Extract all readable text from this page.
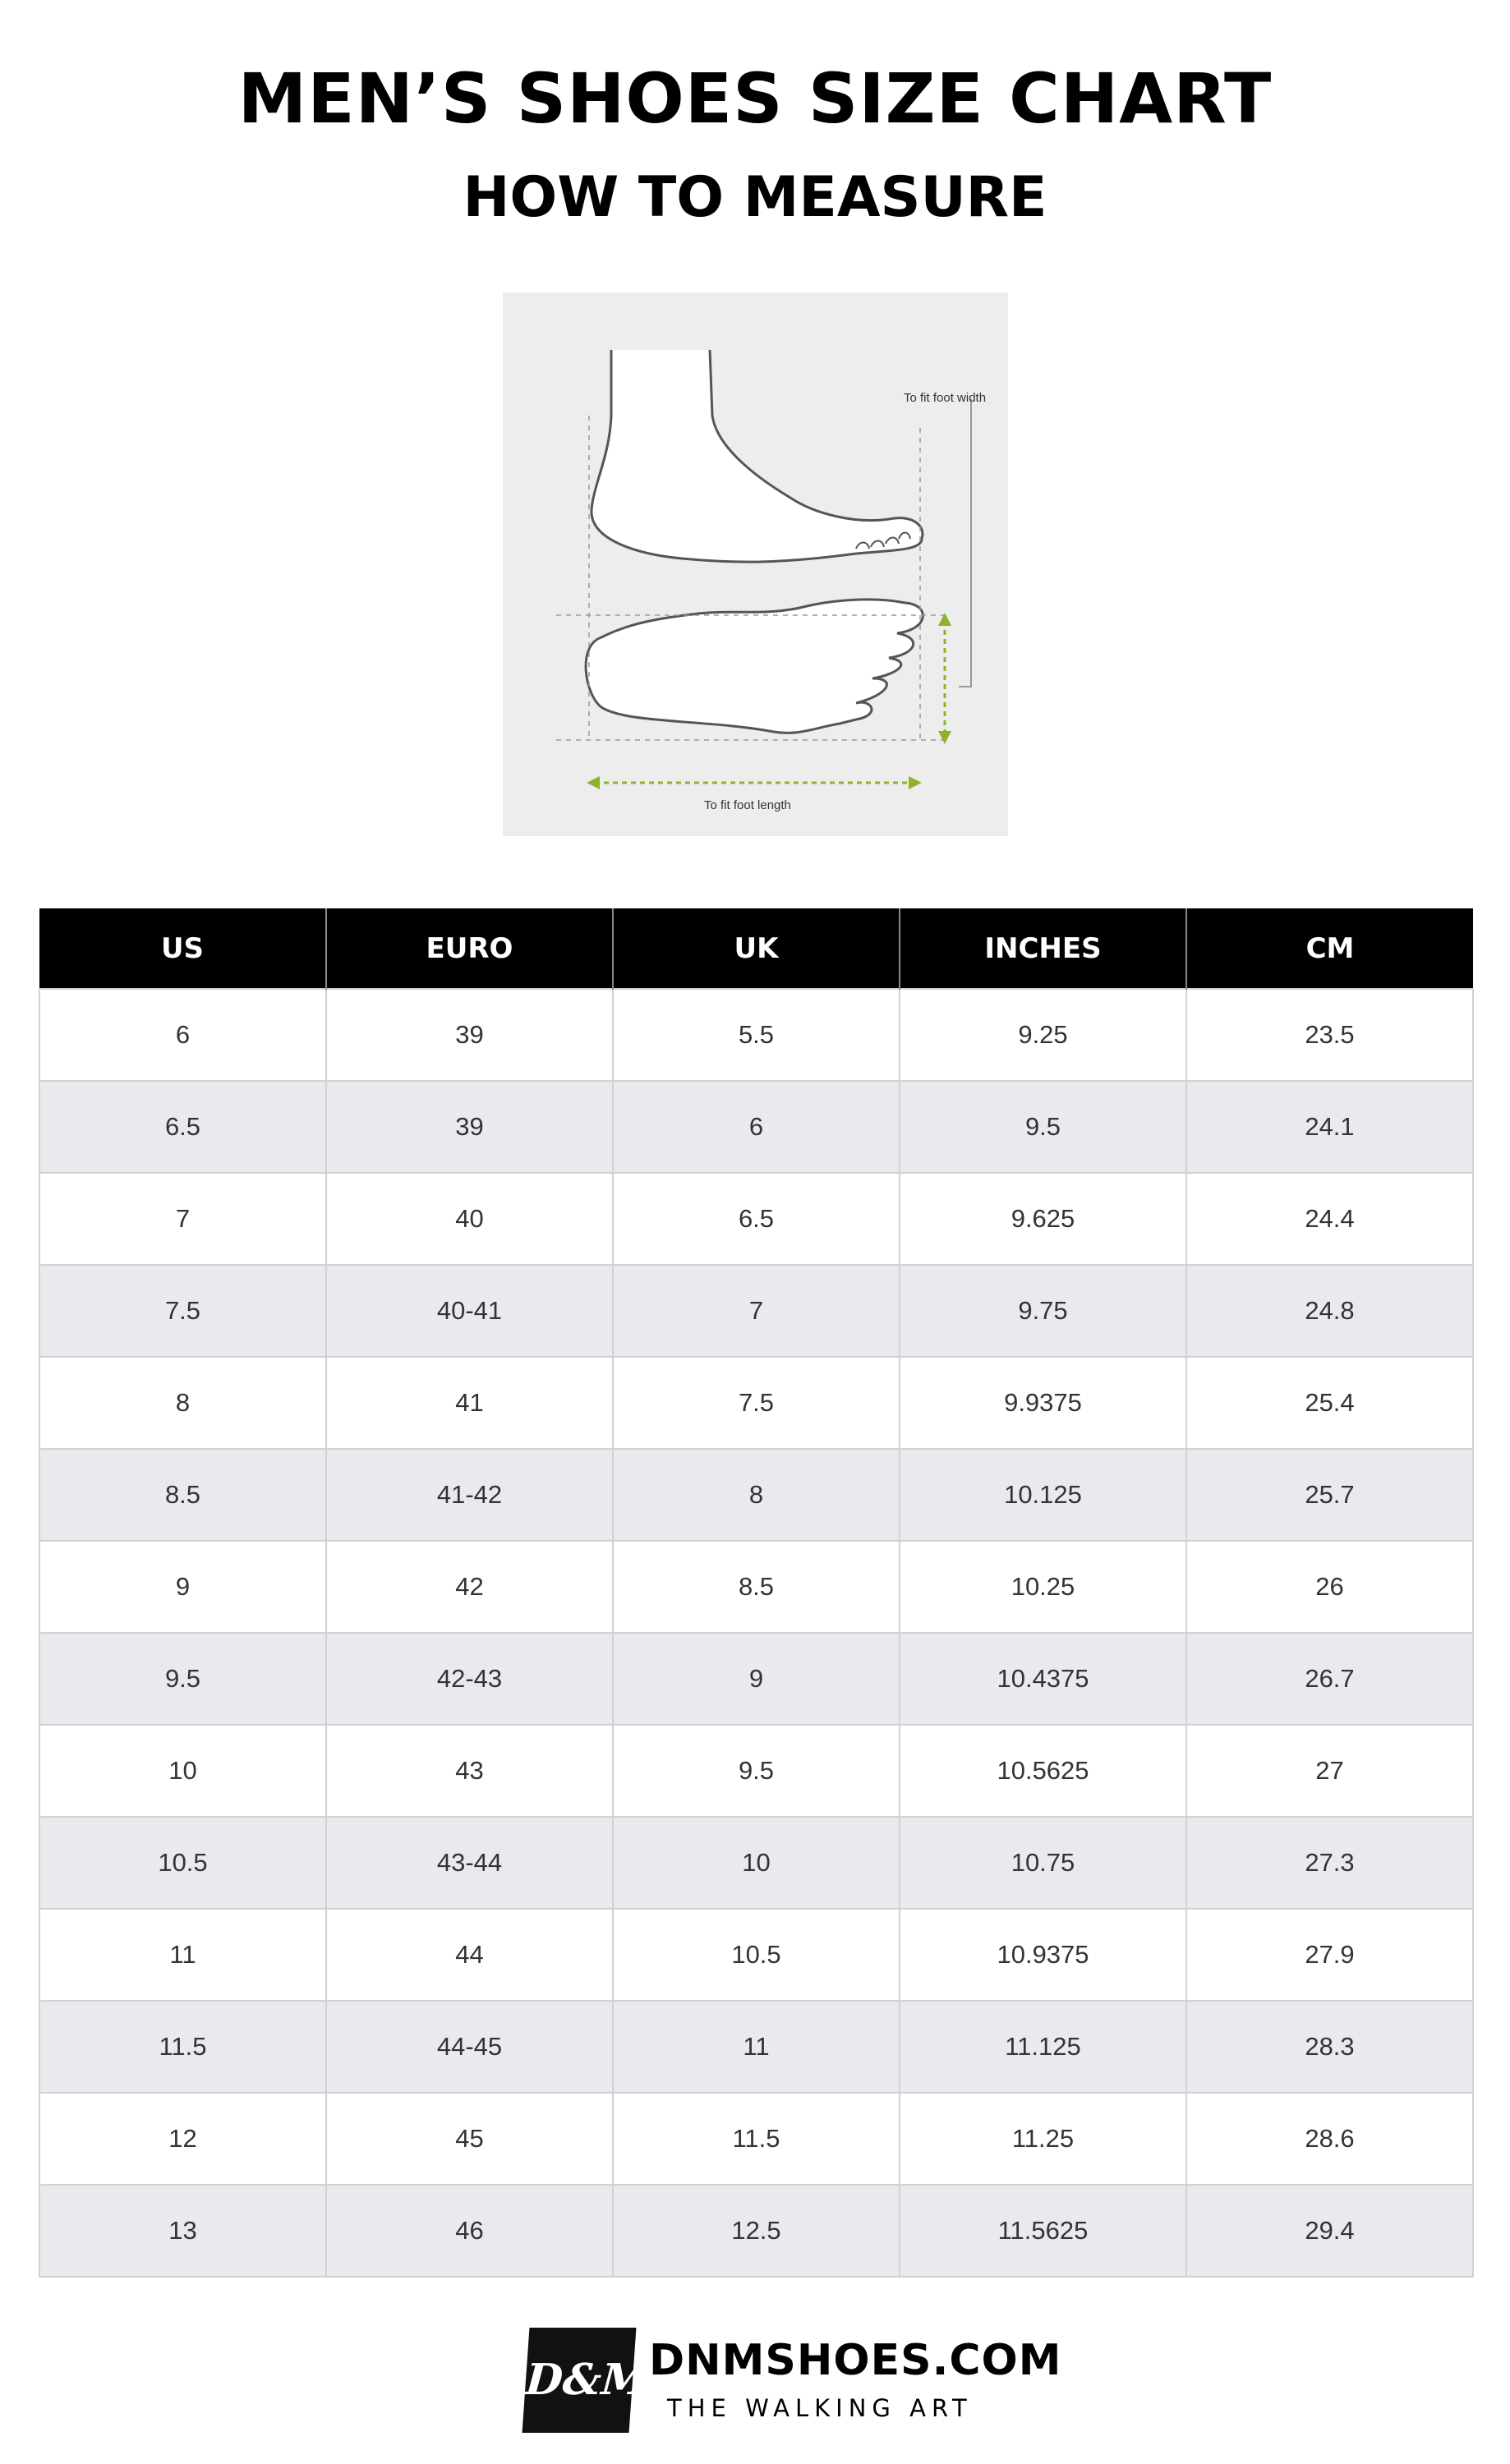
MEN’S SHOES SIZE CHART
HOW TO MEASURE
To fit foot width
To fit foot length
US	EURO	UK	INCHES	CM
6	39	5.5	9.25	23.5
6.5	39	6	9.5	24.1
7	40	6.5	9.625	24.4
7.5	40-41	7	9.75	24.8
8	41	7.5	9.9375	25.4
8.5	41-42	8	10.125	25.7
9	42	8.5	10.25	26
9.5	42-43	9	10.4375	26.7
10	43	9.5	10.5625	27
10.5	43-44	10	10.75	27.3
11	44	10.5	10.9375	27.9
11.5	44-45	11	11.125	28.3
12	45	11.5	11.25	28.6
13	46	12.5	11.5625	29.4
D&M
DNMSHOES.COM
THE WALKING ART
